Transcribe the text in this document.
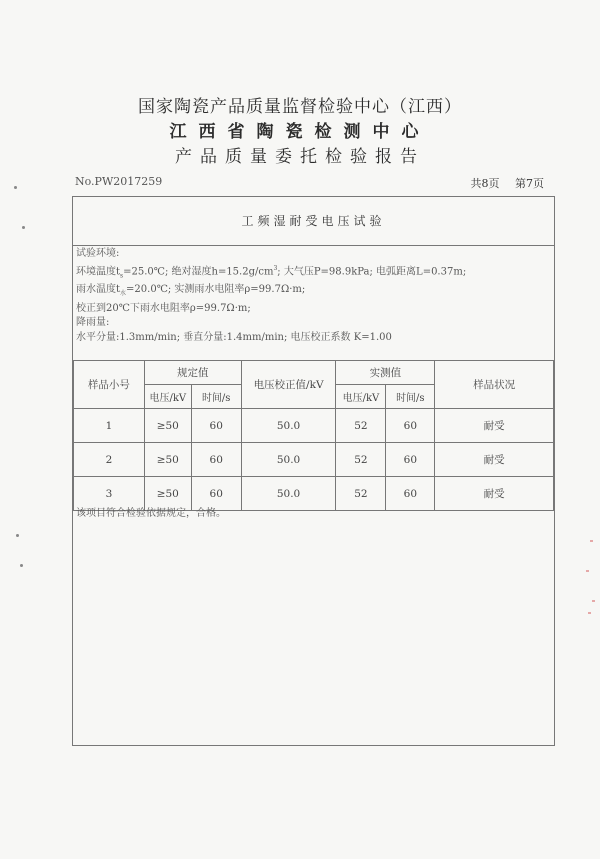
国家陶瓷产品质量监督检验中心（江西）
江西省陶瓷检测中心
产品质量委托检验报告
No.PW2017259	共8页 第7页
工频湿耐受电压试验
试验环境:
环境温度$t_s=25.0℃$; 绝对湿度$h=15.2g/cm^3$; 大气压P=98.9kPa; 电弧距离L=0.37m;
雨水温度$t_水=20.0℃$; 实测雨水电阻率ρ=99.7Ω·m;
校正到20℃下雨水电阻率ρ=99.7Ω·m;
降雨量:
水平分量:1.3mm/min; 垂直分量:1.4mm/min; 电压校正系数 K=1.00
样品小号	规定值		电压校正值/kV	实测值		样品状况
	电压/kV	时间/s		电压/kV	时间/s	
1	≥50	60	50.0	52	60	耐受
2	≥50	60	50.0	52	60	耐受
3	≥50	60	50.0	52	60	耐受
该项目符合检验依据规定，合格。
